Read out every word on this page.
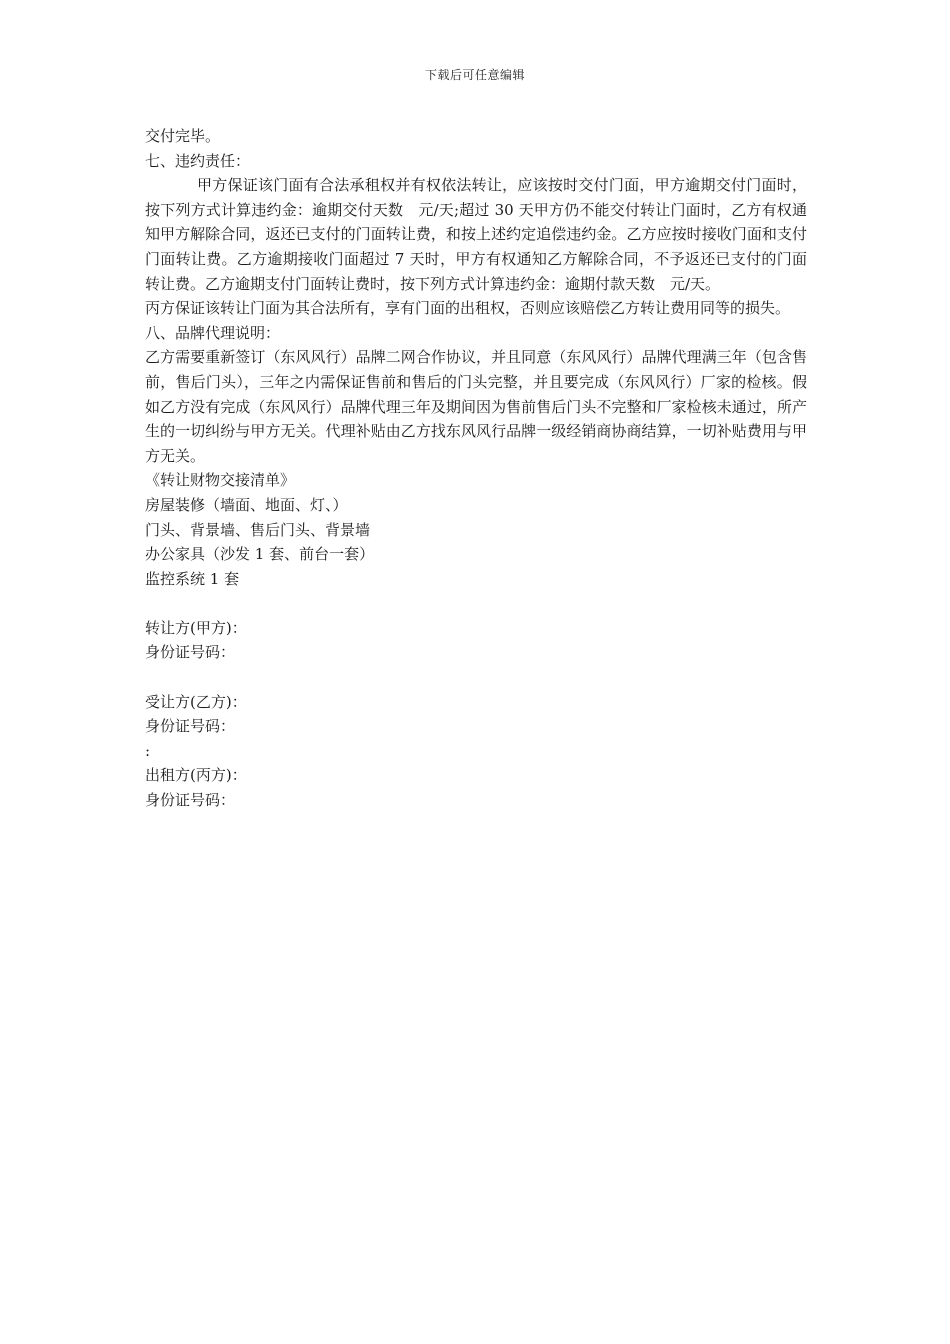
下载后可任意编辑

交付完毕。

七、违约责任：

甲方保证该门面有合法承租权并有权依法转让，应该按时交付门面，甲方逾期交付门面时，按下列方式计算违约金：逾期交付天数　元/天;超过 30 天甲方仍不能交付转让门面时，乙方有权通知甲方解除合同，返还已支付的门面转让费，和按上述约定追偿违约金。乙方应按时接收门面和支付门面转让费。乙方逾期接收门面超过 7 天时，甲方有权通知乙方解除合同，不予返还已支付的门面转让费。乙方逾期支付门面转让费时，按下列方式计算违约金：逾期付款天数　元/天。

丙方保证该转让门面为其合法所有，享有门面的出租权，否则应该赔偿乙方转让费用同等的损失。

八、品牌代理说明：

乙方需要重新签订（东风风行）品牌二网合作协议，并且同意（东风风行）品牌代理满三年（包含售前，售后门头），三年之内需保证售前和售后的门头完整，并且要完成（东风风行）厂家的检核。假如乙方没有完成（东风风行）品牌代理三年及期间因为售前售后门头不完整和厂家检核未通过，所产生的一切纠纷与甲方无关。代理补贴由乙方找东风风行品牌一级经销商协商结算，一切补贴费用与甲方无关。

《转让财物交接清单》

房屋装修（墙面、地面、灯、）

门头、背景墙、售后门头、背景墙

办公家具（沙发 1 套、前台一套）

监控系统 1 套

转让方(甲方)：

身份证号码：

受让方(乙方)：

身份证号码：

:

出租方(丙方)：

身份证号码：
